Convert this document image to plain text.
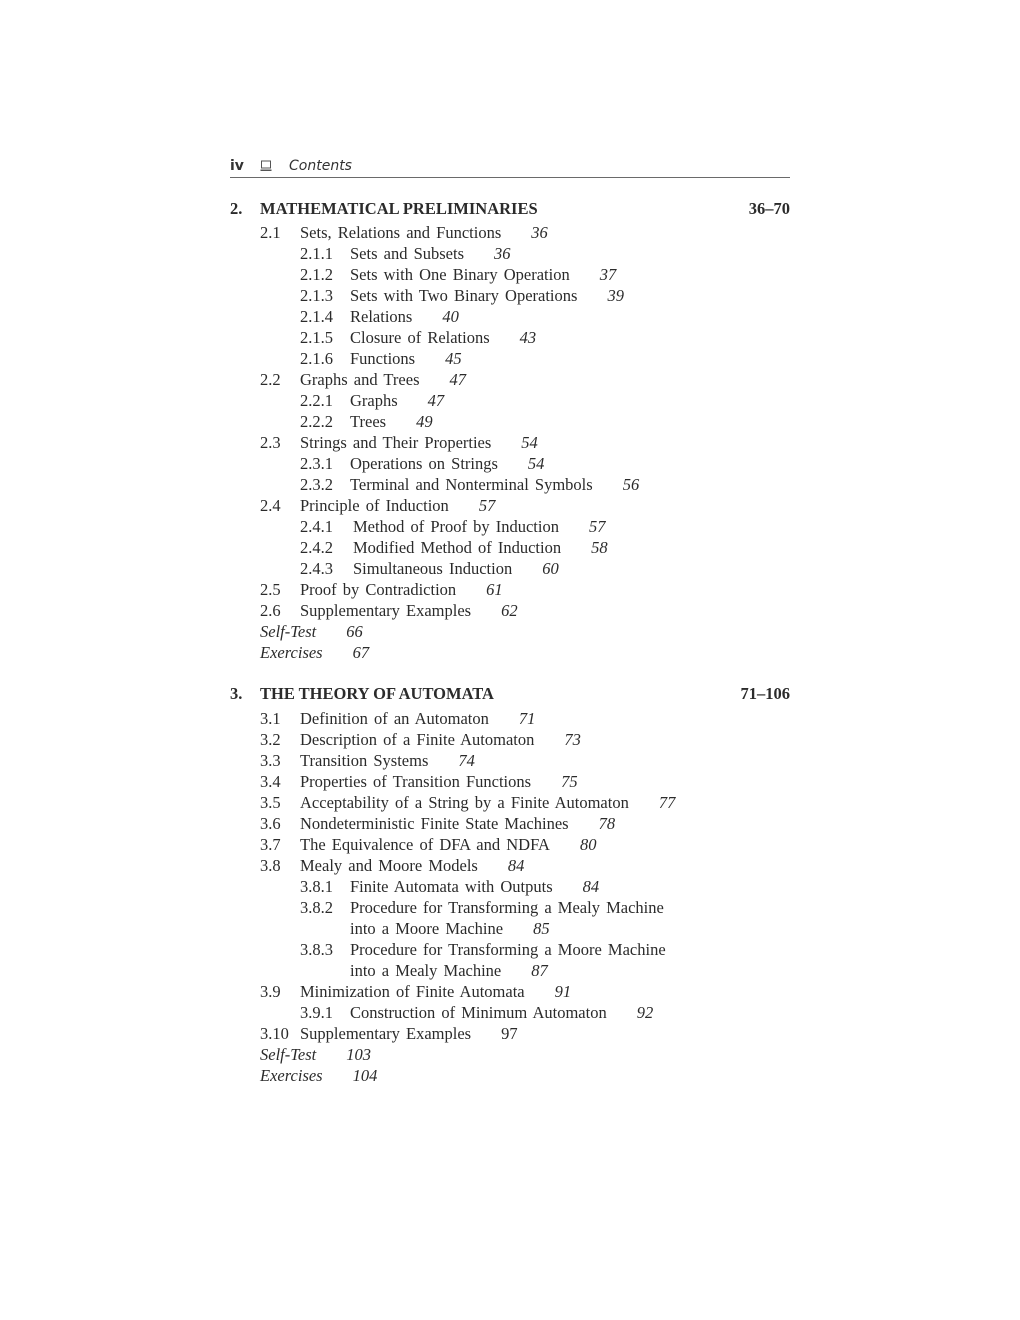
iv	Contents
2. MATHEMATICAL PRELIMINARIES	36–70
2.1 Sets, Relations and Functions 36
2.1.1 Sets and Subsets 36
2.1.2 Sets with One Binary Operation 37
2.1.3 Sets with Two Binary Operations 39
2.1.4 Relations 40
2.1.5 Closure of Relations 43
2.1.6 Functions 45
2.2 Graphs and Trees 47
2.2.1 Graphs 47
2.2.2 Trees 49
2.3 Strings and Their Properties 54
2.3.1 Operations on Strings 54
2.3.2 Terminal and Nonterminal Symbols 56
2.4 Principle of Induction 57
2.4.1 Method of Proof by Induction 57
2.4.2 Modified Method of Induction 58
2.4.3 Simultaneous Induction 60
2.5 Proof by Contradiction 61
2.6 Supplementary Examples 62
Self-Test 66
Exercises 67
3. THE THEORY OF AUTOMATA	71–106
3.1 Definition of an Automaton 71
3.2 Description of a Finite Automaton 73
3.3 Transition Systems 74
3.4 Properties of Transition Functions 75
3.5 Acceptability of a String by a Finite Automaton 77
3.6 Nondeterministic Finite State Machines 78
3.7 The Equivalence of DFA and NDFA 80
3.8 Mealy and Moore Models 84
3.8.1 Finite Automata with Outputs 84
3.8.2 Procedure for Transforming a Mealy Machine
into a Moore Machine 85
3.8.3 Procedure for Transforming a Moore Machine
into a Mealy Machine 87
3.9 Minimization of Finite Automata 91
3.9.1 Construction of Minimum Automaton 92
3.10 Supplementary Examples 97
Self-Test 103
Exercises 104
